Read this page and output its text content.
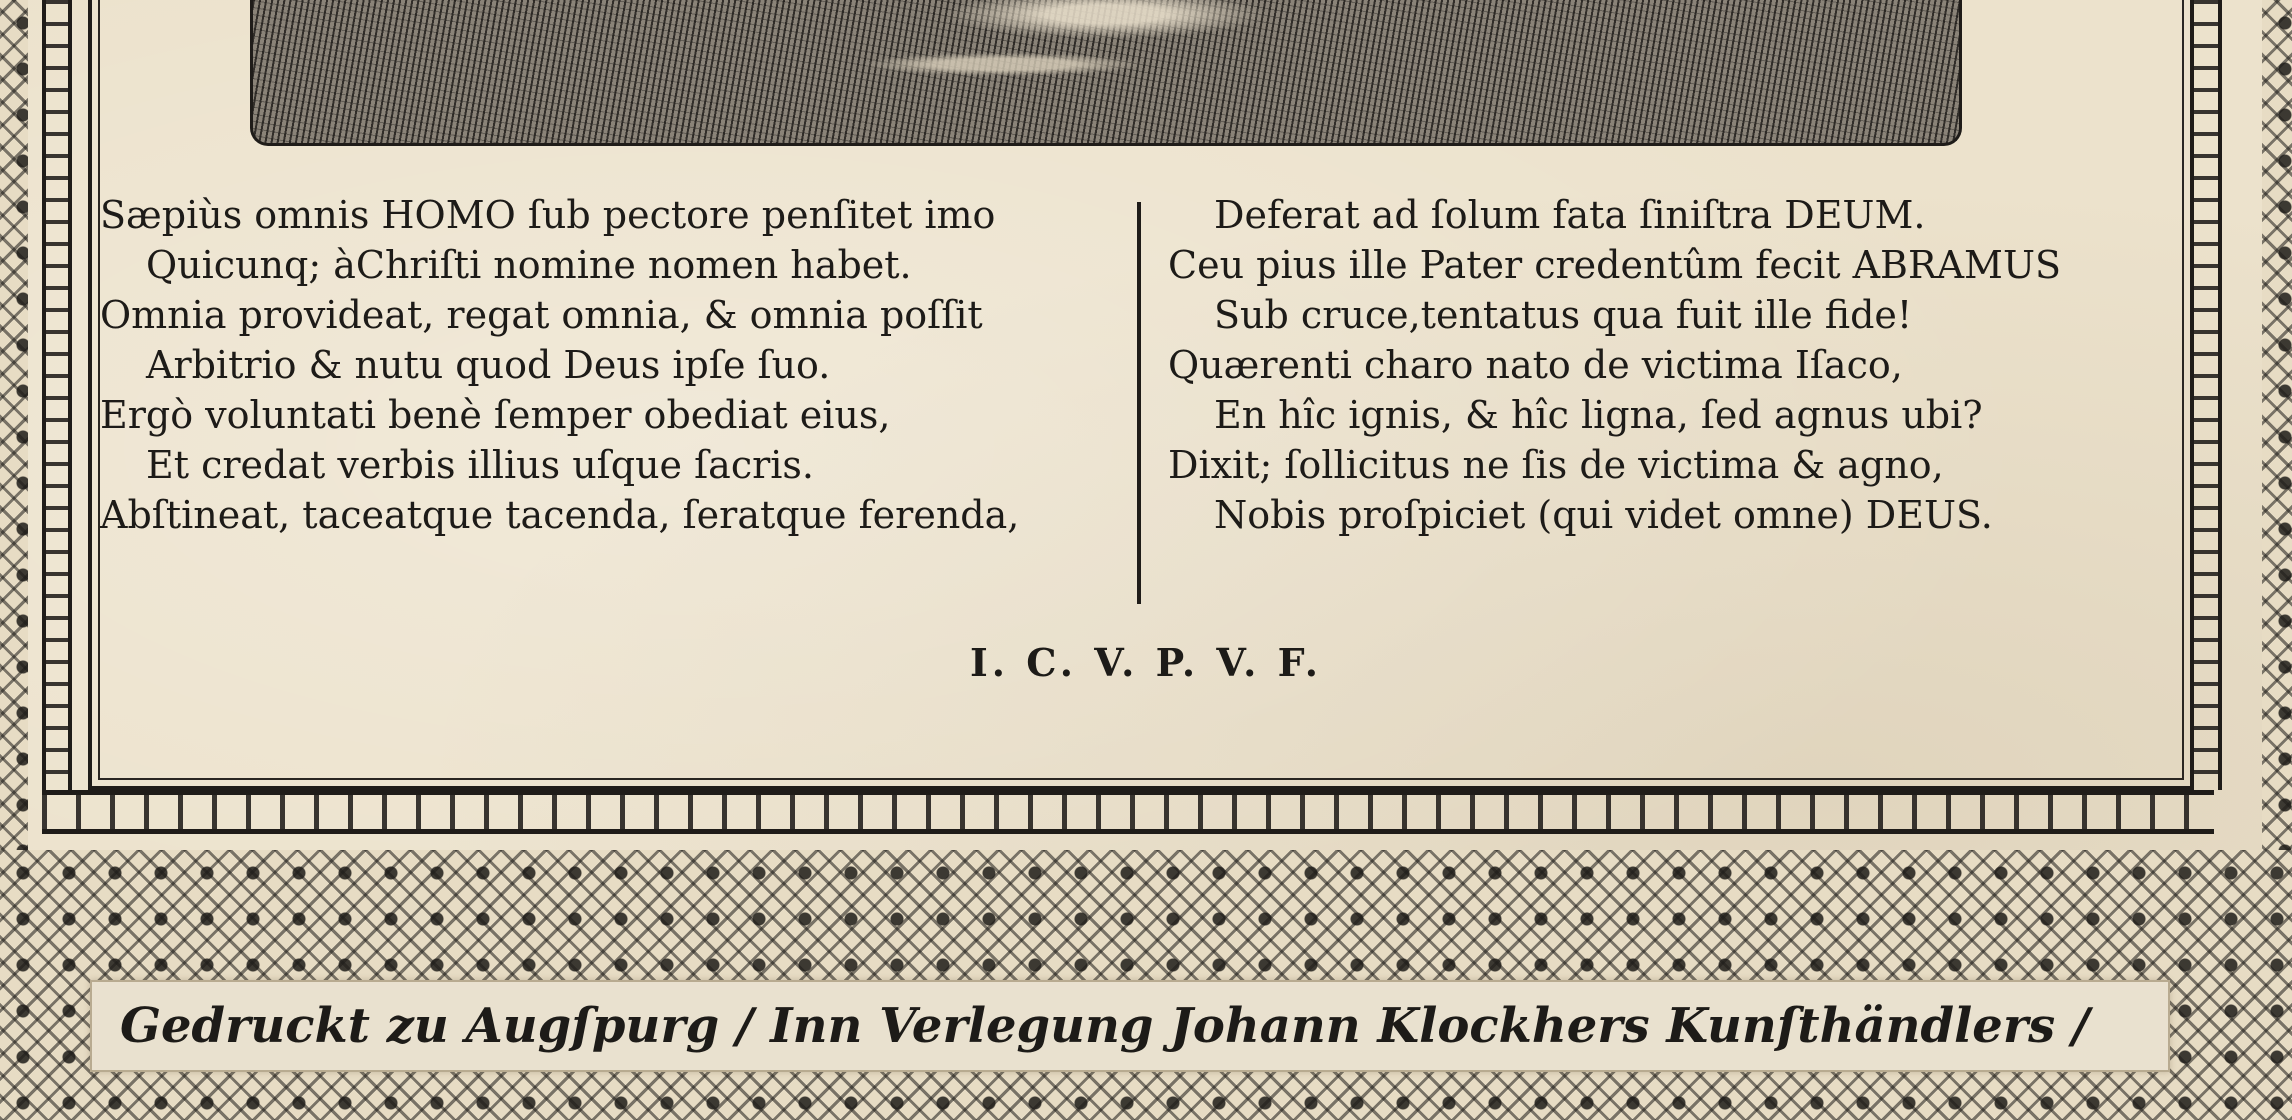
Sæpiùs omnis HOMO ſub pectore penſitet imo
Quicunq; àChriſti nomine nomen habet.
Omnia provideat, regat omnia, & omnia poſſit
Arbitrio & nutu quod Deus ipſe ſuo.
Ergò voluntati benè ſemper obediat eius,
Et credat verbis illius uſque ſacris.
Abſtineat, taceatque tacenda, ſeratque ferenda,
Deferat ad ſolum fata ſiniſtra DEUM.
Ceu pius ille Pater credentûm fecit ABRAMUS
Sub cruce,tentatus qua fuit ille fide!
Quærenti charo nato de victima Iſaco,
En hîc ignis, & hîc ligna, ſed agnus ubi?
Dixit; ſollicitus ne ſis de victima & agno,
Nobis proſpiciet (qui videt omne) DEUS.
I. C. V. P. V. F.
Gedruckt zu Augſpurg / Inn Verlegung Johann Klockhers Kunſthändlers /
